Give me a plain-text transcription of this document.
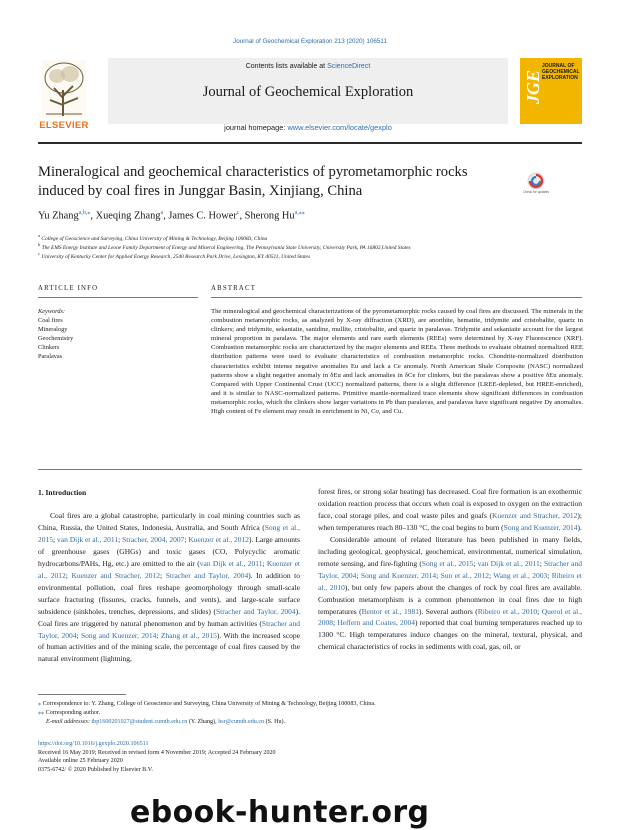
Journal of Geochemical Exploration 213 (2020) 106511
ELSEVIER
Contents lists available at ScienceDirect
Journal of Geochemical Exploration
journal homepage: www.elsevier.com/locate/gexplo
JGE
JOURNAL OF GEOCHEMICAL EXPLORATION
Mineralogical and geochemical characteristics of pyrometamorphic rocks induced by coal fires in Junggar Basin, Xinjiang, China	Check for updates
Yu Zhang$^{a,b,⁎}$, Xueqing Zhang$^a$, James C. Hower$^c$, Sherong $Hu^{a,⁎⁎}$
$^a$ College of Geoscience and Surveying, China University of Mining & Technology, Beijing 100083, China
$^b$ The EMS Energy Institute and Leone Family Department of Energy and Mineral Engineering, The Pennsylvania State University, University Park, PA 16802,United States
$^c$ University of Kentucky Center for Applied Energy Research, 2540 Research Park Drive, Lexington, KY 40511, United States
ARTICLE INFO	ABSTRACT
Keywords:
Coal fires
Mineralogy
Geochemistry
Clinkers
Paralavas
The mineralogical and geochemical characterizations of the pyrometamorphic rocks caused by coal fires are discussed. The minerals in the combustion metamorphic rocks, as analyzed by X-ray diffraction (XRD), are anorthite, hematite, tridymite and cristobalite, quartz in clinkers; and tridymite, sekaniaite, sanidine, mullite, cristobalite, and quartz in paralavas. Tridymite and sekaniaite account for the largest mineral proportion in paralava. The major elements and rare earth elements (REEs) were determined by X-ray Fluorescence (XRF). Combustion metamorphic rocks are characterized by the major elements and REEs. Three methods to evaluate obtained normalized REE distribution patterns were used to evaluate characteristics of combustion metamorphic rocks. Chondrite-normalized distribution characteristics exhibit intense negative anomalies Eu and lack a Ce anomaly. North American Shale Composite (NASC) normalized patterns show a slight negative anomaly in δEu and lack anomalies in δCe for clinkers, but the paralavas show a positive δEu anomaly. Compared with Upper Continental Crust (UCC) normalized patterns, there is a slight difference (LREE-depleted, but HREE-enriched), and it is similar to NASC-normalized patterns. Primitive mantle-normalized trace elements show significant differences in combustion metamorphic rocks, which the clinkers show larger variations in Pb than paralavas, and paralavas have significant negative Dy anomalies. High content of Fe element may result in enrichment in Ni, Co, and Cu.
1. Introduction

Coal fires are a global catastrophe, particularly in coal mining countries such as China, Russia, the United States, Indonesia, Australia, and South Africa (Song et al., 2015; van Dijk et al., 2011; Stracher, 2004, 2007; Kuenzer et al., 2012). Large amounts of greenhouse gases (GHGs) and toxic gases (CO, Polycyclic aromatic hydrocarbons/PAHs, Hg, etc.) are emitted to the air (van Dijk et al., 2011; Kuenzer et al., 2012; Kuenzer and Stracher, 2012; Stracher and Taylor, 2004). In addition to environmental pollution, coal fires reshape geomorphology through small-scale surface fracturing (fissures, cracks, funnels, and vents), and large-scale surface subsidence (sinkholes, trenches, depressions, and slides) (Stracher and Taylor, 2004). Coal fires are triggered by natural phenomenon and by human activities (Stracher and Taylor, 2004; Song and Kuenzer, 2014; Zhang et al., 2015). With the increased scope of human activities and of the mining scale, the percentage of coal fires caused by the natural environment (lightning,

forest fires, or strong solar heating) has decreased. Coal fire formation is an exothermic oxidation reaction process that occurs when coal is exposed to oxygen on the extraction face, coal storage piles, and coal waste piles and goafs (Kuenzer and Stracher, 2012); when temperatures reach 80–130 °C, the coal begins to burn (Song and Kuenzer, 2014).

Considerable amount of related literature has been published in many fields, including geological, geophysical, geochemical, environmental, numerical simulation, remote sensing, and fire-fighting (Song et al., 2015; van Dijk et al., 2011; Stracher and Taylor, 2004; Song and Kuenzer, 2014; Sun et al., 2012; Wang et al., 2003; Ribeiro et al., 2010), but only few papers about the changes of rock by coal fires are available. Combustion metamorphism is a common phenomenon in coal fires due to high temperatures (Bentor et al., 1981). Several authors (Ribeiro et al., 2010; Querol et al., 2008; Heffern and Coates, 2004) reported that coal burning temperatures reached up to 1300 °C. High temperatures induce changes on the mineral, textural, physical, and chemical characteristics of rocks in sediments with coal, gas, oil, or

⁎ Correspondence to: Y. Zhang, College of Geoscience and Surveying, China University of Mining & Technology, Beijing 100083, China.
⁎⁎ Corresponding author.
E-mail addresses: tbp1600201027@student.cumtb.edu.cn (Y. Zhang), hsr@cumtb.edu.cn (S. Hu).
https://doi.org/10.1016/j.gexplo.2020.106511
Received 16 May 2019; Received in revised form 4 November 2019; Accepted 24 February 2020
Available online 25 February 2020
0375-6742/ © 2020 Published by Elsevier B.V.
ebook-hunter.org
